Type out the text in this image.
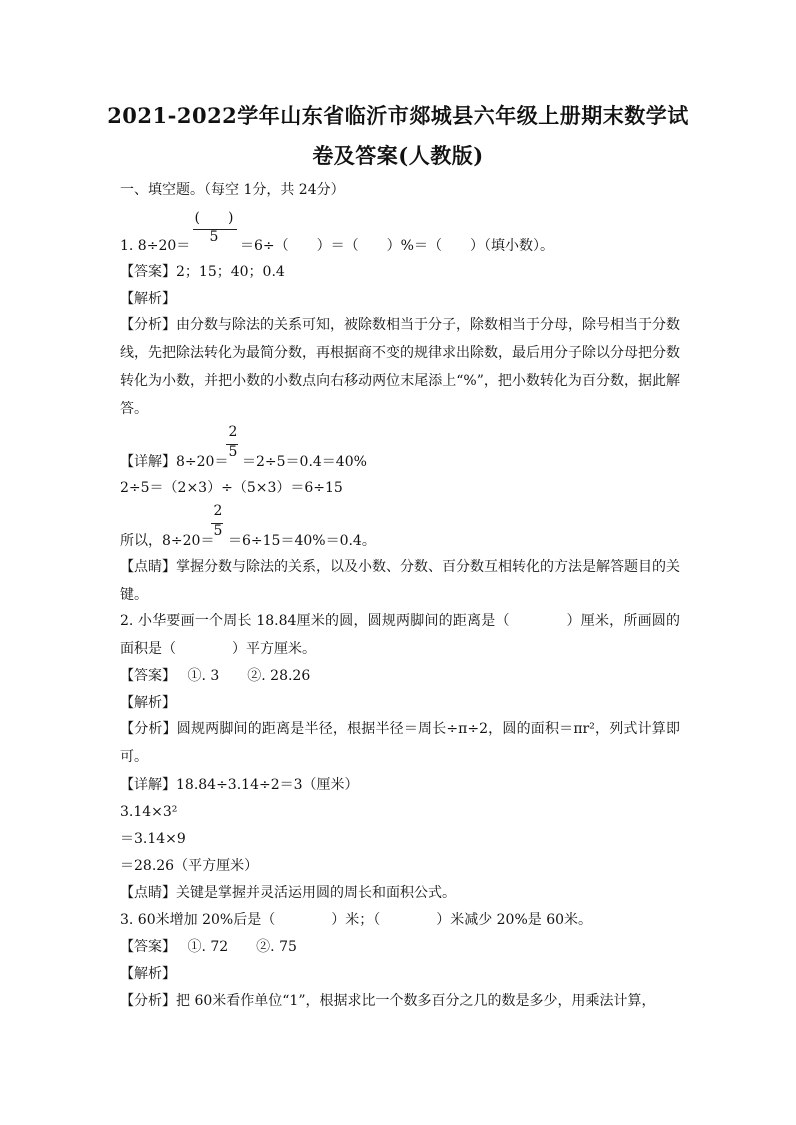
2021-2022学年山东省临沂市郯城县六年级上册期末数学试
卷及答案(人教版)
一、填空题。（每空 1分，共 24分）
(　　)
5
1. 8÷20＝	＝6÷（　　）＝（　　）%＝（　　）（填小数）。
【答案】2；15；40；0.4
【解析】
【分析】由分数与除法的关系可知，被除数相当于分子，除数相当于分母，除号相当于分数线，先把除法转化为最简分数，再根据商不变的规律求出除数，最后用分子除以分母把分数转化为小数，并把小数的小数点向右移动两位末尾添上“%”，把小数转化为百分数，据此解答。
2
5
【详解】8÷20＝ ＝2÷5＝0.4＝40%
2÷5＝（2×3）÷（5×3）＝6÷15
2
5
所以，8÷20＝ ＝6÷15＝40%＝0.4。
【点睛】掌握分数与除法的关系，以及小数、分数、百分数互相转化的方法是解答题目的关键。
2. 小华要画一个周长 18.84厘米的圆，圆规两脚间的距离是（　　　　）厘米，所画圆的面积是（　　　　）平方厘米。
【答案】　 ①. 3　　②. 28.26
【解析】
【分析】圆规两脚间的距离是半径，根据半径＝周长÷π÷2，圆的面积＝πr²，列式计算即可。
【详解】18.84÷3.14÷2＝3（厘米）
3.14×3²
＝3.14×9
＝28.26（平方厘米）
【点睛】关键是掌握并灵活运用圆的周长和面积公式。
3. 60米增加 20%后是（　　　　）米；（　　　　）米减少 20%是 60米。
【答案】　 ①. 72　　②. 75
【解析】
【分析】把 60米看作单位“1”，根据求比一个数多百分之几的数是多少，用乘法计算，
